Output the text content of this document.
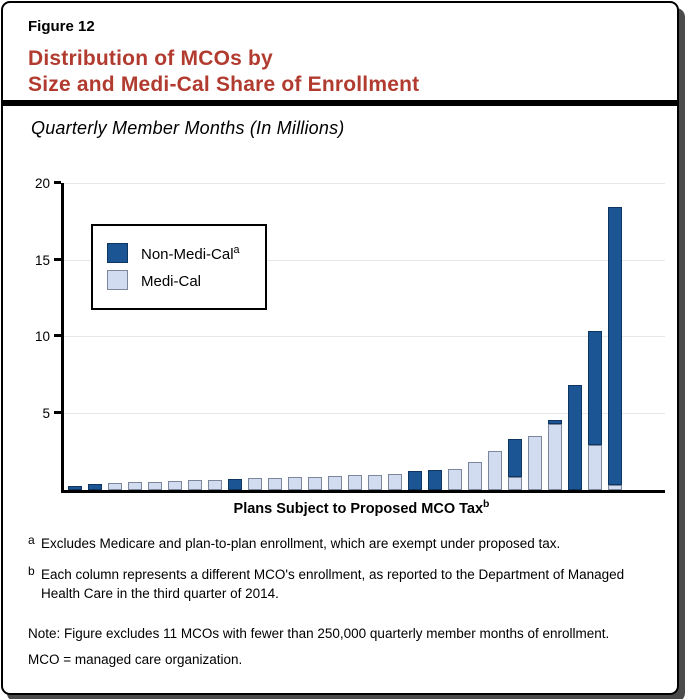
Figure 12
Distribution of MCOs by
Size and Medi-Cal Share of Enrollment
Quarterly Member Months (In Millions)
5
10
15
20
Non-Medi-Cal$^a$
Medi-Cal
Plans Subject to Proposed MCO Tax$^b$
a Excludes Medicare and plan-to-plan enrollment, which are exempt under proposed tax.
b Each column represents a different MCO's enrollment, as reported to the Department of Managed Health Care in the third quarter of 2014.
Note: Figure excludes 11 MCOs with fewer than 250,000 quarterly member months of enrollment.
MCO = managed care organization.
